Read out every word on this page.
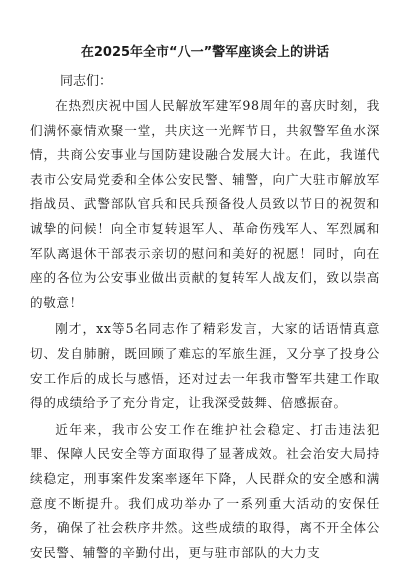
在2025年全市“八一”警军座谈会上的讲话

同志们：

在热烈庆祝中国人民解放军建军98周年的喜庆时刻，我们满怀豪情欢聚一堂，共庆这一光辉节日，共叙警军鱼水深情，共商公安事业与国防建设融合发展大计。在此，我谨代表市公安局党委和全体公安民警、辅警，向广大驻市解放军指战员、武警部队官兵和民兵预备役人员致以节日的祝贺和诚挚的问候！向全市复转退军人、革命伤残军人、军烈属和军队离退休干部表示亲切的慰问和美好的祝愿！同时，向在座的各位为公安事业做出贡献的复转军人战友们，致以崇高的敬意！

刚才，xx等5名同志作了精彩发言，大家的话语情真意切、发自肺腑，既回顾了难忘的军旅生涯，又分享了投身公安工作后的成长与感悟，还对过去一年我市警军共建工作取得的成绩给予了充分肯定，让我深受鼓舞、倍感振奋。

近年来，我市公安工作在维护社会稳定、打击违法犯罪、保障人民安全等方面取得了显著成效。社会治安大局持续稳定，刑事案件发案率逐年下降，人民群众的安全感和满意度不断提升。我们成功举办了一系列重大活动的安保任务，确保了社会秩序井然。这些成绩的取得，离不开全体公安民警、辅警的辛勤付出，更与驻市部队的大力支
